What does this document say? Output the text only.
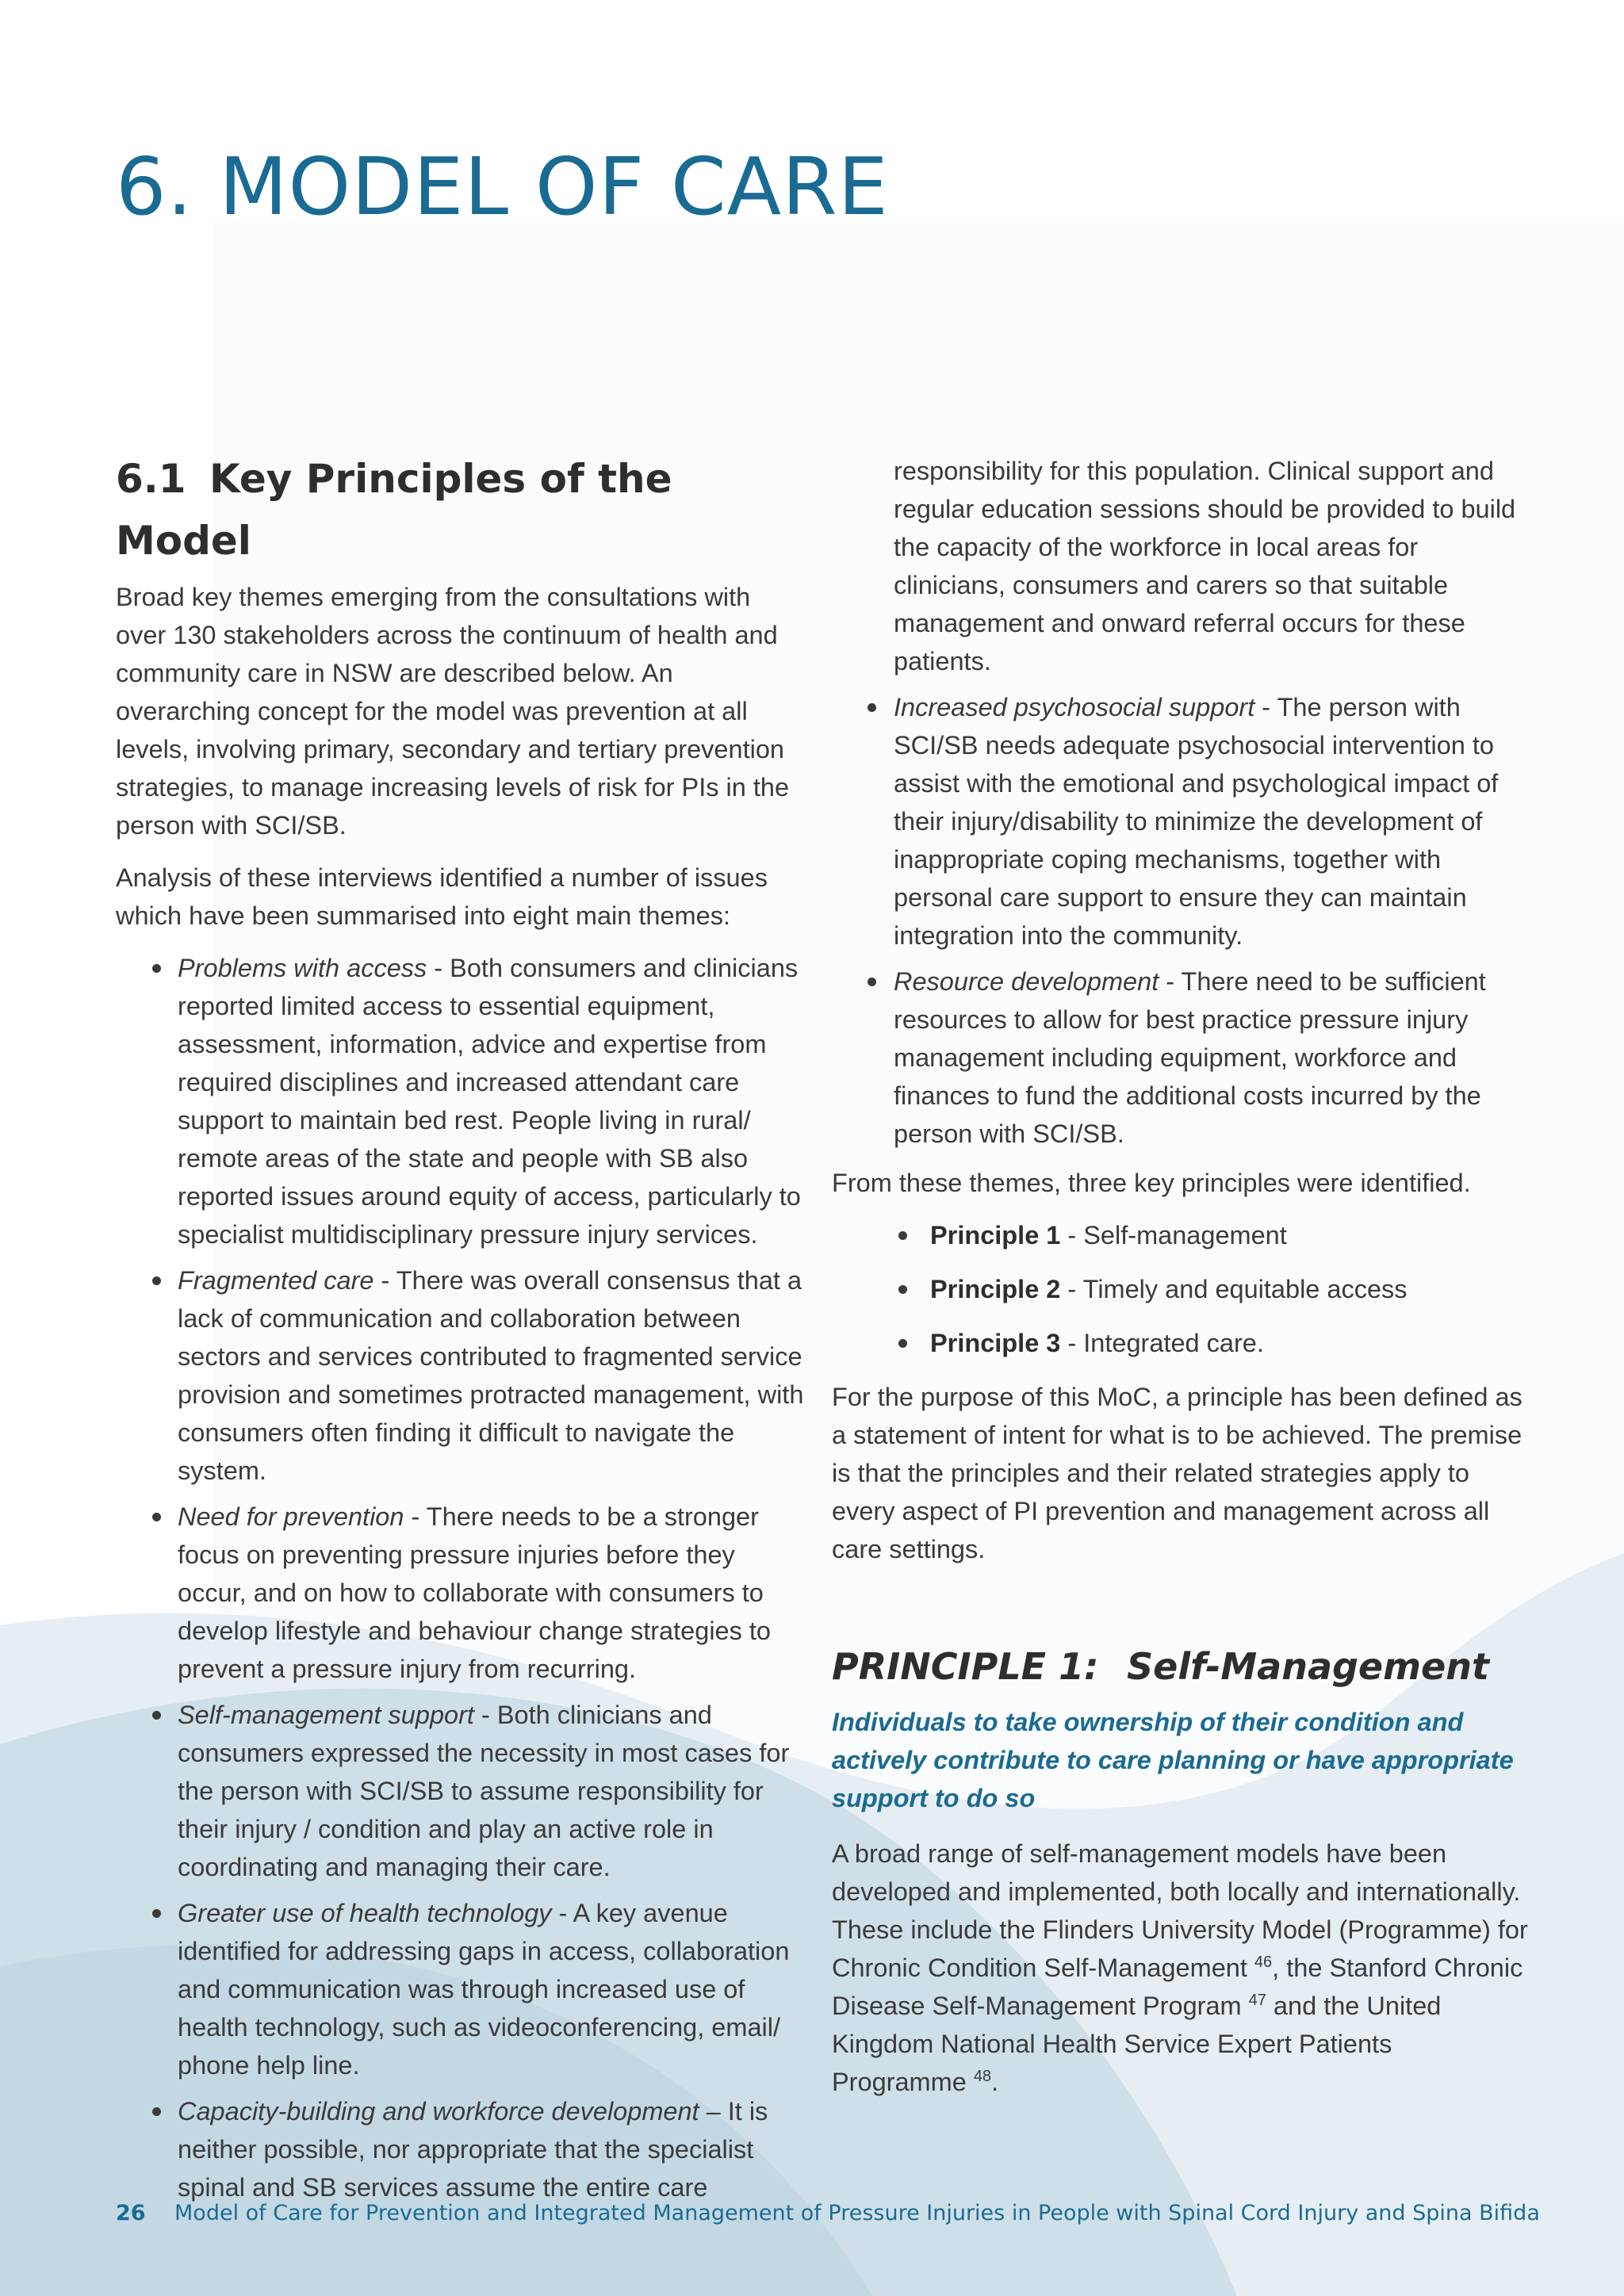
6. MODEL OF CARE
6.1 Key Principles of the Model

Broad key themes emerging from the consultations with over 130 stakeholders across the continuum of health and community care in NSW are described below. An overarching concept for the model was prevention at all levels, involving primary, secondary and tertiary prevention strategies, to manage increasing levels of risk for PIs in the person with SCI/SB.

Analysis of these interviews identified a number of issues which have been summarised into eight main themes:

Problems with access - Both consumers and clinicians reported limited access to essential equipment, assessment, information, advice and expertise from required disciplines and increased attendant care support to maintain bed rest. People living in rural/ remote areas of the state and people with SB also reported issues around equity of access, particularly to specialist multidisciplinary pressure injury services.
Fragmented care - There was overall consensus that a lack of communication and collaboration between sectors and services contributed to fragmented service provision and sometimes protracted management, with consumers often finding it difficult to navigate the system.
Need for prevention - There needs to be a stronger focus on preventing pressure injuries before they occur, and on how to collaborate with consumers to develop lifestyle and behaviour change strategies to prevent a pressure injury from recurring.
Self-management support - Both clinicians and consumers expressed the necessity in most cases for the person with SCI/SB to assume responsibility for their injury / condition and play an active role in coordinating and managing their care.
Greater use of health technology - A key avenue identified for addressing gaps in access, collaboration and communication was through increased use of health technology, such as videoconferencing, email/ phone help line.
Capacity-building and workforce development – It is neither possible, nor appropriate that the specialist spinal and SB services assume the entire care
responsibility for this population. Clinical support and regular education sessions should be provided to build the capacity of the workforce in local areas for clinicians, consumers and carers so that suitable management and onward referral occurs for these patients.
Increased psychosocial support - The person with SCI/SB needs adequate psychosocial intervention to assist with the emotional and psychological impact of their injury/disability to minimize the development of inappropriate coping mechanisms, together with personal care support to ensure they can maintain integration into the community.
Resource development - There need to be sufficient resources to allow for best practice pressure injury management including equipment, workforce and finances to fund the additional costs incurred by the person with SCI/SB.

From these themes, three key principles were identified.

Principle 1 - Self-management
Principle 2 - Timely and equitable access
Principle 3 - Integrated care.

For the purpose of this MoC, a principle has been defined as a statement of intent for what is to be achieved. The premise is that the principles and their related strategies apply to every aspect of PI prevention and management across all care settings.

PRINCIPLE 1: Self-Management

Individuals to take ownership of their condition and actively contribute to care planning or have appropriate support to do so

A broad range of self-management models have been developed and implemented, both locally and internationally. These include the Flinders University Model (Programme) for Chronic Condition Self-Management $^{46}$, the Stanford Chronic Disease Self-Management Program $^{47}$ and the United Kingdom National Health Service Expert Patients Programme $^{48}$.

26 Model of Care for Prevention and Integrated Management of Pressure Injuries in People with Spinal Cord Injury and Spina Bifida
